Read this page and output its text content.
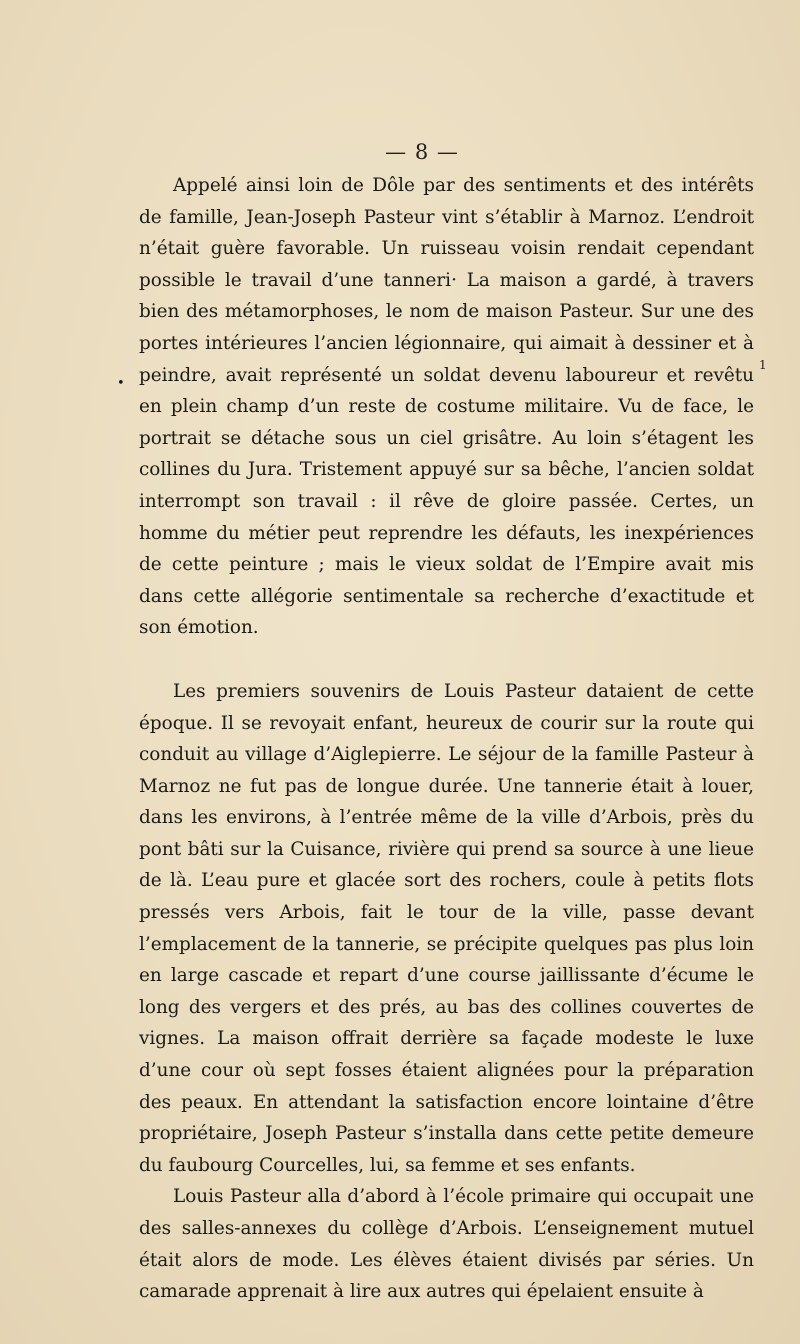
— 8 —

Appelé ainsi loin de Dôle par des sentiments et des intérêts de famille, Jean-Joseph Pasteur vint s’établir à Marnoz. L’endroit n’était guère favorable. Un ruisseau voisin rendait cependant possible le travail d’une tanneri· La maison a gardé, à travers bien des métamorphoses, le nom de maison Pasteur. Sur une des portes intérieures l’ancien légionnaire, qui aimait à dessiner et à peindre, avait représenté un soldat devenu laboureur et revêtu en plein champ d’un reste de costume militaire. Vu de face, le portrait se détache sous un ciel grisâtre. Au loin s’étagent les collines du Jura. Tristement appuyé sur sa bêche, l’ancien soldat interrompt son travail : il rêve de gloire passée. Certes, un homme du métier peut reprendre les défauts, les inexpériences de cette peinture ; mais le vieux soldat de l’Empire avait mis dans cette allégorie sentimentale sa recherche d’exactitude et son émotion.

Les premiers souvenirs de Louis Pasteur dataient de cette époque. Il se revoyait enfant, heureux de courir sur la route qui conduit au village d’Aiglepierre. Le séjour de la famille Pasteur à Marnoz ne fut pas de longue durée. Une tannerie était à louer, dans les environs, à l’entrée même de la ville d’Arbois, près du pont bâti sur la Cuisance, rivière qui prend sa source à une lieue de là. L’eau pure et glacée sort des rochers, coule à petits flots pressés vers Arbois, fait le tour de la ville, passe devant l’emplacement de la tannerie, se précipite quelques pas plus loin en large cascade et repart d’une course jaillissante d’écume le long des vergers et des prés, au bas des collines couvertes de vignes. La maison offrait derrière sa façade modeste le luxe d’une cour où sept fosses étaient alignées pour la préparation des peaux. En attendant la satisfaction encore lointaine d’être propriétaire, Joseph Pasteur s’installa dans cette petite demeure du faubourg Courcelles, lui, sa femme et ses enfants.

Louis Pasteur alla d’abord à l’école primaire qui occupait une des salles-annexes du collège d’Arbois. L’enseignement mutuel était alors de mode. Les élèves étaient divisés par séries. Un camarade apprenait à lire aux autres qui épelaient ensuite à

•
1
